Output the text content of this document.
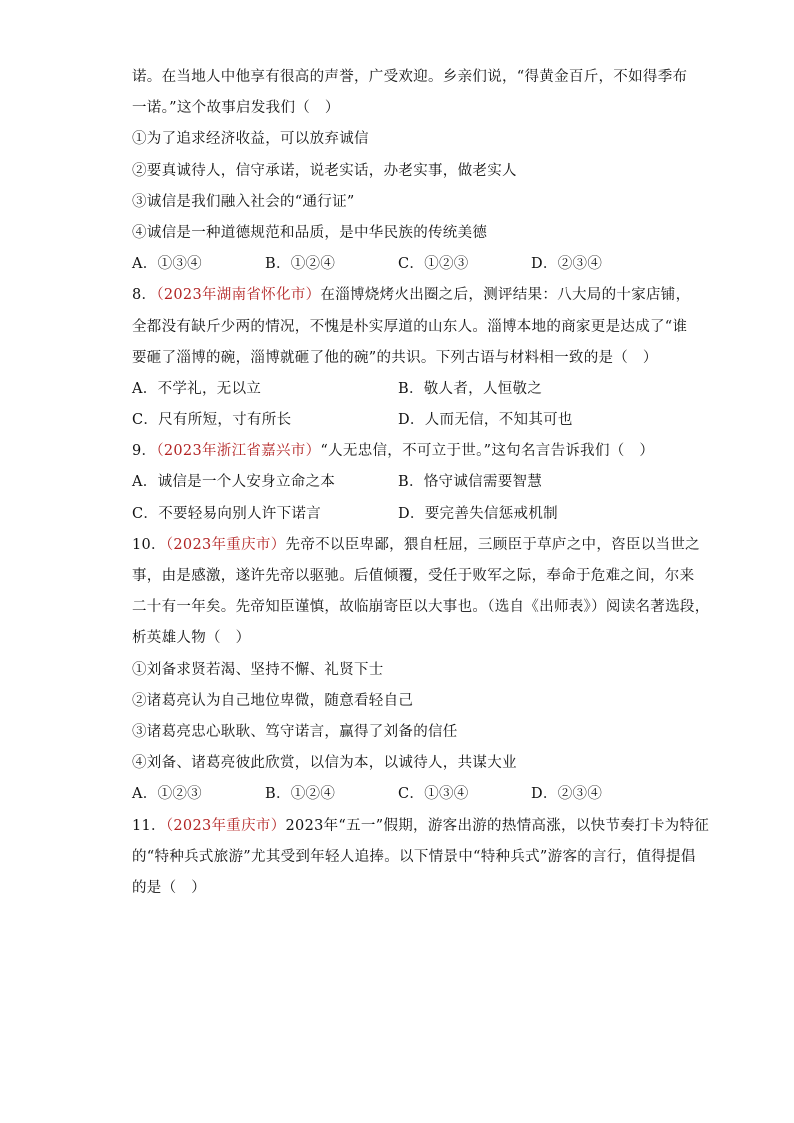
诺。在当地人中他享有很高的声誉，广受欢迎。乡亲们说，“得黄金百斤，不如得季布
一诺。”这个故事启发我们（　）
①为了追求经济收益，可以放弃诚信
②要真诚待人，信守承诺，说老实话，办老实事，做老实人
③诚信是我们融入社会的“通行证”
④诚信是一种道德规范和品质，是中华民族的传统美德
A．①③④	B．①②④	C．①②③	D．②③④
8．（2023年湖南省怀化市）在淄博烧烤火出圈之后，测评结果：八大局的十家店铺，
全都没有缺斤少两的情况，不愧是朴实厚道的山东人。淄博本地的商家更是达成了“谁
要砸了淄博的碗，淄博就砸了他的碗”的共识。下列古语与材料相一致的是（　）
A．不学礼，无以立	B．敬人者，人恒敬之
C．尺有所短，寸有所长	D．人而无信，不知其可也
9．（2023年浙江省嘉兴市）“人无忠信，不可立于世。”这句名言告诉我们（　）
A．诚信是一个人安身立命之本	B．恪守诚信需要智慧
C．不要轻易向别人许下诺言	D．要完善失信惩戒机制
10．（2023年重庆市）先帝不以臣卑鄙，猥自枉屈，三顾臣于草庐之中，咨臣以当世之
事，由是感激，遂许先帝以驱驰。后值倾覆，受任于败军之际，奉命于危难之间，尔来
二十有一年矣。先帝知臣谨慎，故临崩寄臣以大事也。（选自《出师表》）阅读名著选段，
析英雄人物（　）
①刘备求贤若渴、坚持不懈、礼贤下士
②诸葛亮认为自己地位卑微，随意看轻自己
③诸葛亮忠心耿耿、笃守诺言，赢得了刘备的信任
④刘备、诸葛亮彼此欣赏，以信为本，以诚待人，共谋大业
A．①②③	B．①②④	C．①③④	D．②③④
11．（2023年重庆市）2023年“五一”假期，游客出游的热情高涨，以快节奏打卡为特征
的“特种兵式旅游”尤其受到年轻人追捧。以下情景中“特种兵式”游客的言行，值得提倡
的是（　）
